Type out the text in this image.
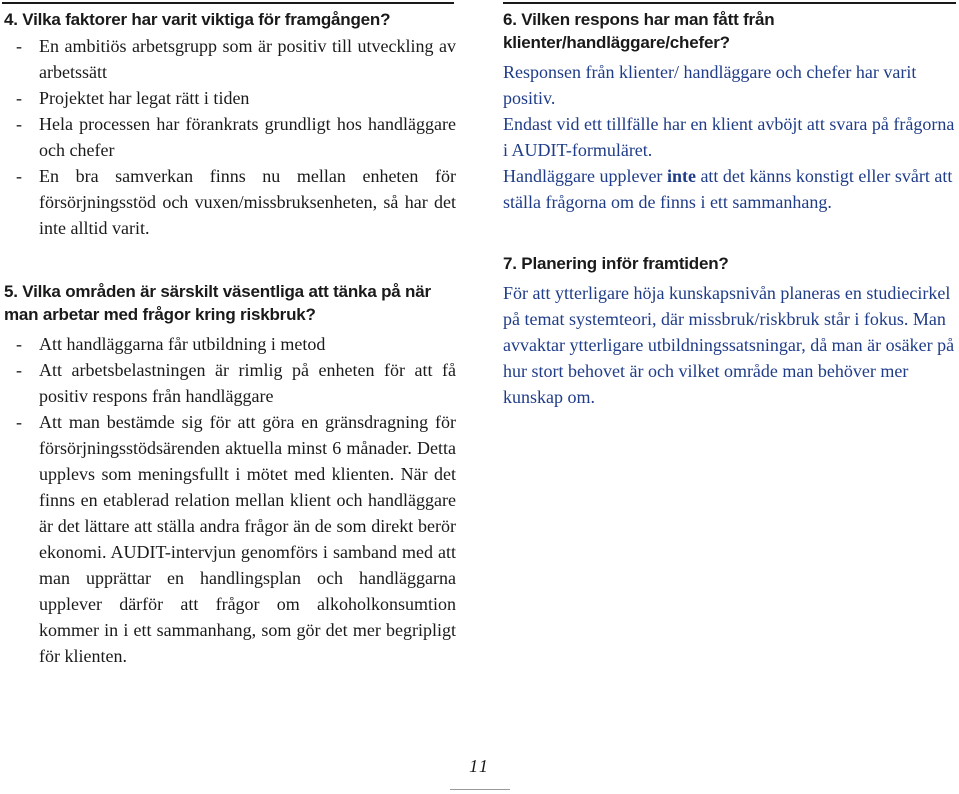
4. Vilka faktorer har varit viktiga för framgången?
- En ambitiös arbetsgrupp som är positiv till utveckling av arbetssätt
- Projektet har legat rätt i tiden
- Hela processen har förankrats grundligt hos handläggare och chefer
- En bra samverkan finns nu mellan enheten för försörjningsstöd och vuxen/missbruksenheten, så har det inte alltid varit.
5. Vilka områden är särskilt väsentliga att tänka på när man arbetar med frågor kring riskbruk?
- Att handläggarna får utbildning i metod
- Att arbetsbelastningen är rimlig på enheten för att få positiv respons från handläggare
- Att man bestämde sig för att göra en gränsdragning för försörjningsstödsärenden aktuella minst 6 månader. Detta upplevs som meningsfullt i mötet med klienten. När det finns en etablerad relation mellan klient och handläggare är det lättare att ställa andra frågor än de som direkt berör ekonomi. AUDIT-intervjun genomförs i samband med att man upprättar en handlingsplan och handläggarna upplever därför att frågor om alkoholkonsumtion kommer in i ett sammanhang, som gör det mer begripligt för klienten.
6. Vilken respons har man fått från klienter/handläggare/chefer?

Responsen från klienter/ handläggare och chefer har varit positiv.

Endast vid ett tillfälle har en klient avböjt att svara på frågorna i AUDIT-formuläret.

Handläggare upplever inte att det känns konstigt eller svårt att ställa frågorna om de finns i ett sammanhang.

7. Planering inför framtiden?

För att ytterligare höja kunskapsnivån planeras en studiecirkel på temat systemteori, där missbruk/riskbruk står i fokus. Man avvaktar ytterligare utbildningssatsningar, då man är osäker på hur stort behovet är och vilket område man behöver mer kunskap om.

11
